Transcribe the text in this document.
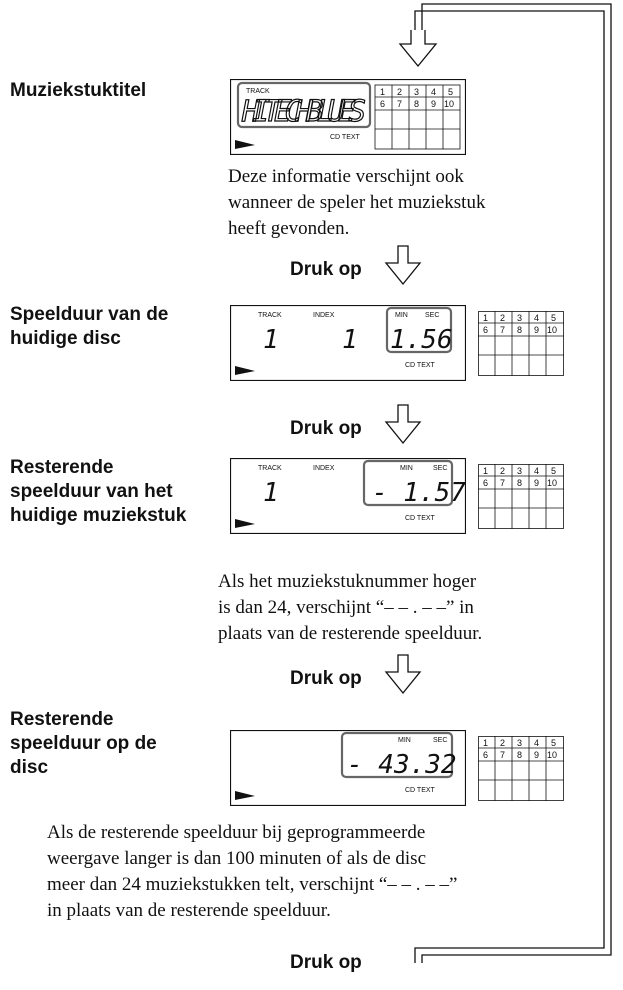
Muziekstuktitel	TRACK
HITECHBLUES
CD TEXT
1 2 3 4 5
6 7 8 9 10
Deze informatie verschijnt ook
wanneer de speler het muziekstuk
heeft gevonden.
Druk op
Speelduur van de
huidige disc
TRACK	INDEX	MIN SEC
1 1 1.56
CD TEXT
1 2 3 4 5
6 7 8 9 10
Druk op
Resterende
speelduur van het
huidige muziekstuk
TRACK	INDEX	MIN	SEC
1	- 1.57
CD TEXT
1 2 3 4 5
6 7 8 9 10
Als het muziekstuknummer hoger
is dan 24, verschijnt “– – . – –” in
plaats van de resterende speelduur.
Druk op
Resterende
speelduur op de
disc
MIN	SEC
- 43.32
CD TEXT
1 2 3 4 5
6 7 8 9 10
Als de resterende speelduur bij geprogrammeerde
weergave langer is dan 100 minuten of als de disc
meer dan 24 muziekstukken telt, verschijnt “– – . – –”
in plaats van de resterende speelduur.
Druk op
